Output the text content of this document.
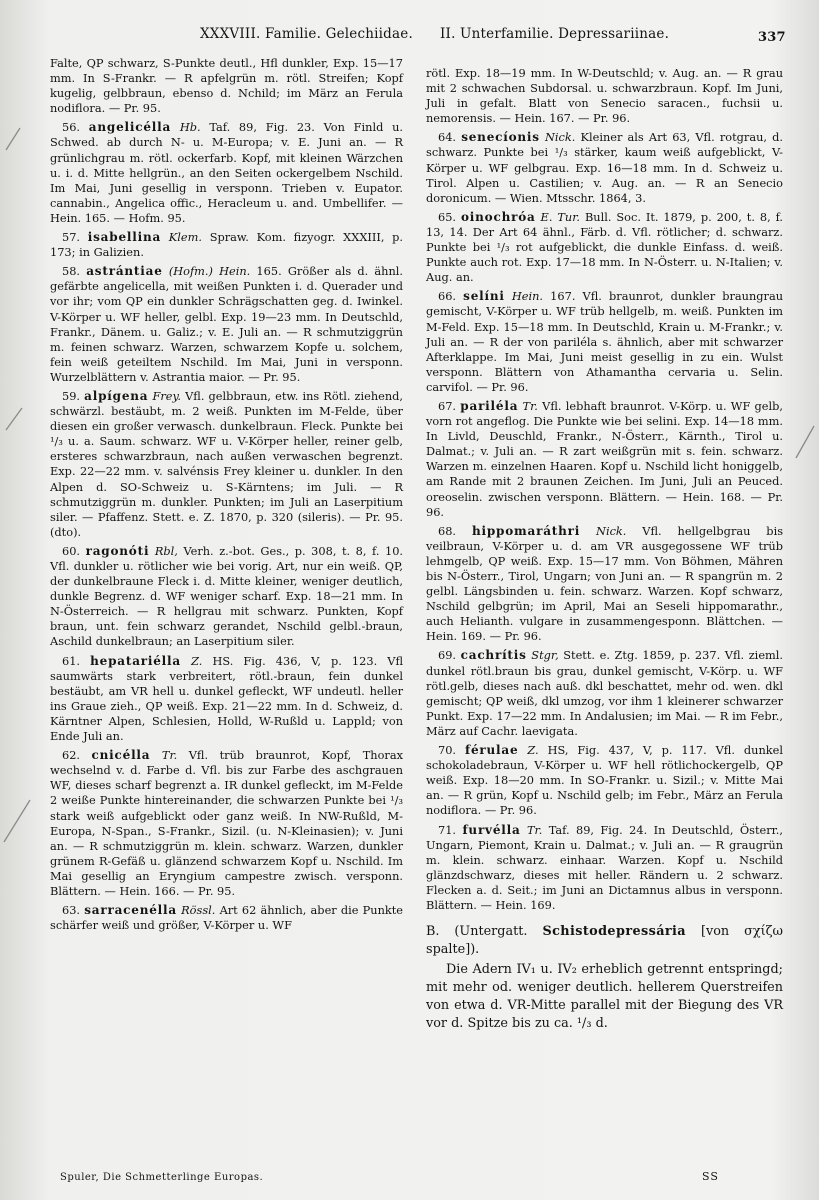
XXXVIII. Familie. Gelechiidae. II. Unterfamilie. Depressariinae.	337

Falte, QP schwarz, S-Punkte deutl., Hfl dunkler, Exp. 15—17 mm. In S-Frankr. — R apfelgrün m. rötl. Streifen; Kopf kugelig, gelbbraun, ebenso d. Nchild; im März an Ferula nodiflora. — Pr. 95.

56. angelicélla Hb. Taf. 89, Fig. 23. Von Finld u. Schwed. ab durch N- u. M-Europa; v. E. Juni an. — R grünlichgrau m. rötl. ockerfarb. Kopf, mit kleinen Wärzchen u. i. d. Mitte hellgrün., an den Seiten ockergelbem Nschild. Im Mai, Juni gesellig in versponn. Trieben v. Eupator. cannabin., Angelica offic., Heracleum u. and. Umbellifer. — Hein. 165. — Hofm. 95.

57. isabellina Klem. Spraw. Kom. fizyogr. XXXIII, p. 173; in Galizien.

58. astrántiae (Hofm.) Hein. 165. Größer als d. ähnl. gefärbte angelicella, mit weißen Punkten i. d. Querader und vor ihr; vom QP ein dunkler Schrägschatten geg. d. Iwinkel. V-Körper u. WF heller, gelbl. Exp. 19—23 mm. In Deutschld, Frankr., Dänem. u. Galiz.; v. E. Juli an. — R schmutziggrün m. feinen schwarz. Warzen, schwarzem Kopfe u. solchem, fein weiß geteiltem Nschild. Im Mai, Juni in versponn. Wurzelblättern v. Astrantia maior. — Pr. 95.

59. alpígena Frey. Vfl. gelbbraun, etw. ins Rötl. ziehend, schwärzl. bestäubt, m. 2 weiß. Punkten im M-Felde, über diesen ein großer verwasch. dunkelbraun. Fleck. Punkte bei ¹/₃ u. a. Saum. schwarz. WF u. V-Körper heller, reiner gelb, ersteres schwarzbraun, nach außen verwaschen begrenzt. Exp. 22—22 mm. v. salvénsis Frey kleiner u. dunkler. In den Alpen d. SO-Schweiz u. S-Kärntens; im Juli. — R schmutziggrün m. dunkler. Punkten; im Juli an Laserpitium siler. — Pfaffenz. Stett. e. Z. 1870, p. 320 (sileris). — Pr. 95. (dto).

60. ragonóti Rbl, Verh. z.-bot. Ges., p. 308, t. 8, f. 10. Vfl. dunkler u. rötlicher wie bei vorig. Art, nur ein weiß. QP, der dunkelbraune Fleck i. d. Mitte kleiner, weniger deutlich, dunkle Begrenz. d. WF weniger scharf. Exp. 18—21 mm. In N-Österreich. — R hellgrau mit schwarz. Punkten, Kopf braun, unt. fein schwarz gerandet, Nschild gelbl.-braun, Aschild dunkelbraun; an Laserpitium siler.

61. hepatariélla Z. HS. Fig. 436, V, p. 123. Vfl saumwärts stark verbreitert, rötl.-braun, fein dunkel bestäubt, am VR hell u. dunkel gefleckt, WF undeutl. heller ins Graue zieh., QP weiß. Exp. 21—22 mm. In d. Schweiz, d. Kärntner Alpen, Schlesien, Holld, W-Rußld u. Lappld; von Ende Juli an.

62. cnicélla Tr. Vfl. trüb braunrot, Kopf, Thorax wechselnd v. d. Farbe d. Vfl. bis zur Farbe des aschgrauen WF, dieses scharf begrenzt a. IR dunkel gefleckt, im M-Felde 2 weiße Punkte hintereinander, die schwarzen Punkte bei ¹/₃ stark weiß aufgeblickt oder ganz weiß. In NW-Rußld, M-Europa, N-Span., S-Frankr., Sizil. (u. N-Kleinasien); v. Juni an. — R schmutziggrün m. klein. schwarz. Warzen, dunkler grünem R-Gefäß u. glänzend schwarzem Kopf u. Nschild. Im Mai gesellig an Eryngium campestre zwisch. versponn. Blättern. — Hein. 166. — Pr. 95.

63. sarracenélla Rössl. Art 62 ähnlich, aber die Punkte schärfer weiß und größer, V-Körper u. WF

rötl. Exp. 18—19 mm. In W-Deutschld; v. Aug. an. — R grau mit 2 schwachen Subdorsal. u. schwarzbraun. Kopf. Im Juni, Juli in gefalt. Blatt von Senecio saracen., fuchsii u. nemorensis. — Hein. 167. — Pr. 96.

64. senecíonis Nick. Kleiner als Art 63, Vfl. rotgrau, d. schwarz. Punkte bei ¹/₃ stärker, kaum weiß aufgeblickt, V-Körper u. WF gelbgrau. Exp. 16—18 mm. In d. Schweiz u. Tirol. Alpen u. Castilien; v. Aug. an. — R an Senecio doronicum. — Wien. Mtsschr. 1864, 3.

65. oinochróa E. Tur. Bull. Soc. It. 1879, p. 200, t. 8, f. 13, 14. Der Art 64 ähnl., Färb. d. Vfl. rötlicher; d. schwarz. Punkte bei ¹/₃ rot aufgeblickt, die dunkle Einfass. d. weiß. Punkte auch rot. Exp. 17—18 mm. In N-Österr. u. N-Italien; v. Aug. an.

66. selíni Hein. 167. Vfl. braunrot, dunkler braungrau gemischt, V-Körper u. WF trüb hellgelb, m. weiß. Punkten im M-Feld. Exp. 15—18 mm. In Deutschld, Krain u. M-Frankr.; v. Juli an. — R der von pariléla s. ähnlich, aber mit schwarzer Afterklappe. Im Mai, Juni meist gesellig in zu ein. Wulst versponn. Blättern von Athamantha cervaria u. Selin. carvifol. — Pr. 96.

67. pariléla Tr. Vfl. lebhaft braunrot. V-Körp. u. WF gelb, vorn rot angeflog. Die Punkte wie bei selini. Exp. 14—18 mm. In Livld, Deuschld, Frankr., N-Österr., Kärnth., Tirol u. Dalmat.; v. Juli an. — R zart weißgrün mit s. fein. schwarz. Warzen m. einzelnen Haaren. Kopf u. Nschild licht honiggelb, am Rande mit 2 braunen Zeichen. Im Juni, Juli an Peuced. oreoselin. zwischen versponn. Blättern. — Hein. 168. — Pr. 96.

68. hippomaráthri Nick. Vfl. hellgelbgrau bis veilbraun, V-Körper u. d. am VR ausgegossene WF trüb lehmgelb, QP weiß. Exp. 15—17 mm. Von Böhmen, Mähren bis N-Österr., Tirol, Ungarn; von Juni an. — R spangrün m. 2 gelbl. Längsbinden u. fein. schwarz. Warzen. Kopf schwarz, Nschild gelbgrün; im April, Mai an Seseli hippomarathr., auch Helianth. vulgare in zusammengesponn. Blättchen. — Hein. 169. — Pr. 96.

69. cachrítis Stgr, Stett. e. Ztg. 1859, p. 237. Vfl. zieml. dunkel rötl.braun bis grau, dunkel gemischt, V-Körp. u. WF rötl.gelb, dieses nach auß. dkl beschattet, mehr od. wen. dkl gemischt; QP weiß, dkl umzog, vor ihm 1 kleinerer schwarzer Punkt. Exp. 17—22 mm. In Andalusien; im Mai. — R im Febr., März auf Cachr. laevigata.

70. férulae Z. HS, Fig. 437, V, p. 117. Vfl. dunkel schokoladebraun, V-Körper u. WF hell rötlichockergelb, QP weiß. Exp. 18—20 mm. In SO-Frankr. u. Sizil.; v. Mitte Mai an. — R grün, Kopf u. Nschild gelb; im Febr., März an Ferula nodiflora. — Pr. 96.

71. furvélla Tr. Taf. 89, Fig. 24. In Deutschld, Österr., Ungarn, Piemont, Krain u. Dalmat.; v. Juli an. — R graugrün m. klein. schwarz. einhaar. Warzen. Kopf u. Nschild glänzdschwarz, dieses mit heller. Rändern u. 2 schwarz. Flecken a. d. Seit.; im Juni an Dictamnus albus in versponn. Blättern. — Hein. 169.

B. (Untergatt. Schistodepressária [von σχίζω spalte]).

Die Adern IV₁ u. IV₂ erheblich getrennt entspringd; mit mehr od. weniger deutlich. hellerem Querstreifen von etwa d. VR-Mitte parallel mit der Biegung des VR vor d. Spitze bis zu ca. ¹/₃ d.

Spuler, Die Schmetterlinge Europas.	SS
